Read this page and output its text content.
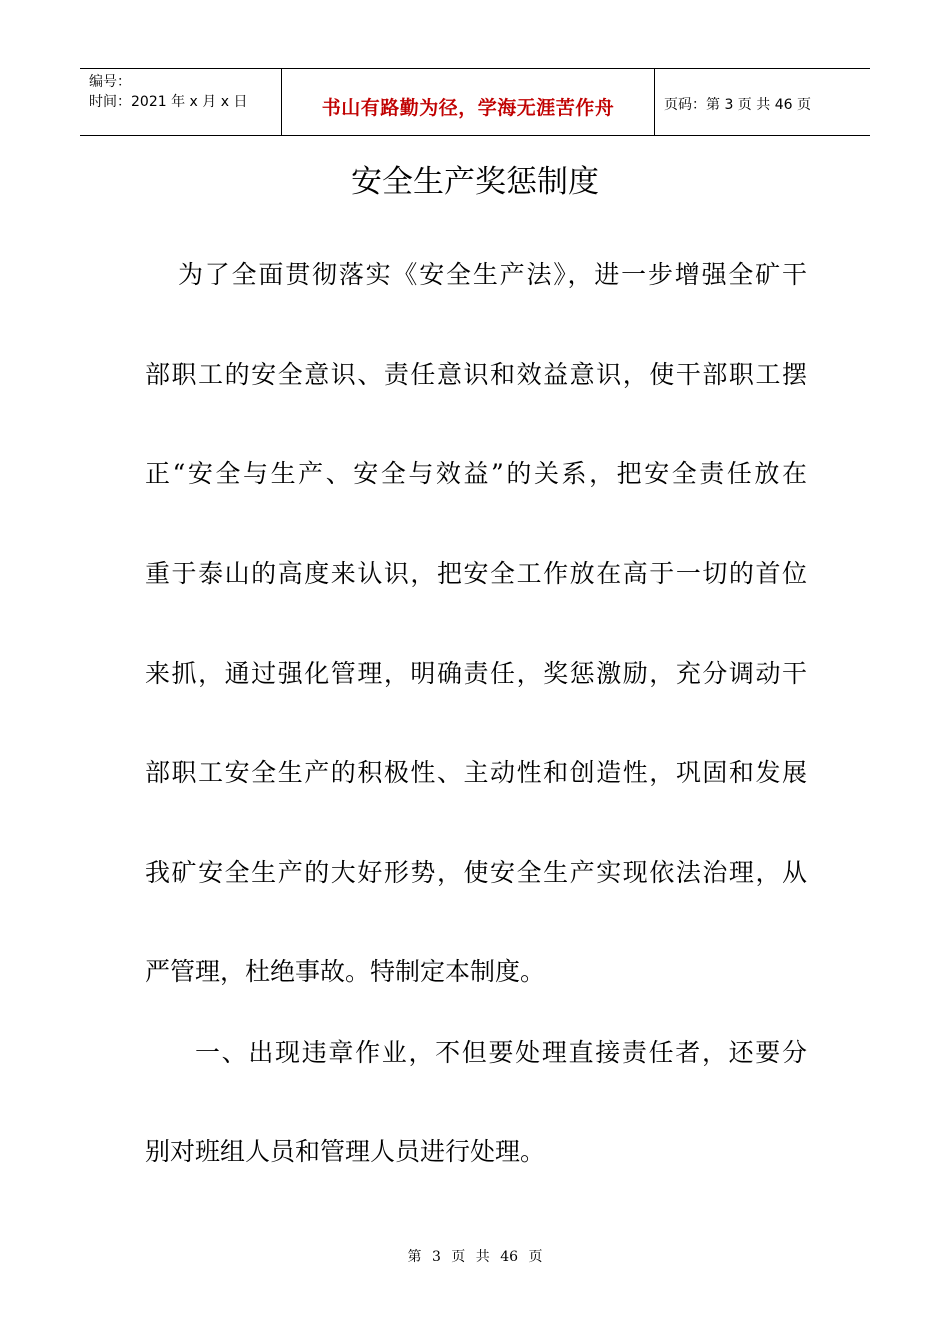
编号：
时间：2021 年 x 月 x 日	书山有路勤为径，学海无涯苦作舟	页码：第 3 页 共 46 页
安全生产奖惩制度
为了全面贯彻落实《安全生产法》，进一步增强全矿干
部职工的安全意识、责任意识和效益意识，使干部职工摆
正“安全与生产、安全与效益”的关系，把安全责任放在
重于泰山的高度来认识，把安全工作放在高于一切的首位
来抓，通过强化管理，明确责任，奖惩激励，充分调动干
部职工安全生产的积极性、主动性和创造性，巩固和发展
我矿安全生产的大好形势，使安全生产实现依法治理，从
严管理，杜绝事故。特制定本制度。
一、出现违章作业，不但要处理直接责任者，还要分
别对班组人员和管理人员进行处理。
第 3 页 共 46 页
